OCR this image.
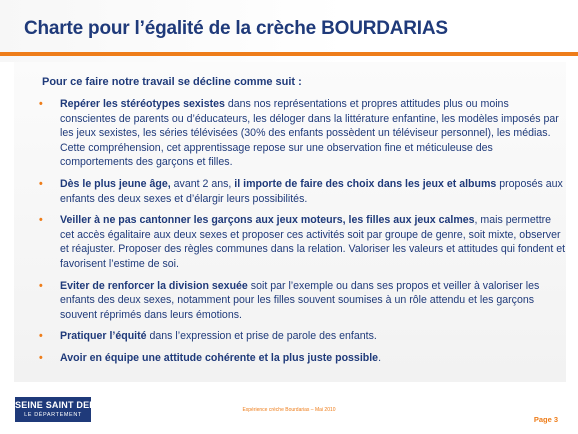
Charte pour l’égalité de la crèche BOURDARIAS
Pour ce faire notre travail se décline comme suit :
• Repérer les stéréotypes sexistes dans nos représentations et propres attitudes plus ou moins conscientes de parents ou d’éducateurs, les déloger dans la littérature enfantine, les modèles imposés par les jeux sexistes, les séries télévisées (30% des enfants possèdent un téléviseur personnel), les médias. Cette compréhension, cet apprentissage repose sur une observation fine et méticuleuse des comportements des garçons et filles.
• Dès le plus jeune âge, avant 2 ans, il importe de faire des choix dans les jeux et albums proposés aux enfants des deux sexes et d’élargir leurs possibilités.
• Veiller à ne pas cantonner les garçons aux jeux moteurs, les filles aux jeux calmes, mais permettre cet accès égalitaire aux deux sexes et proposer ces activités soit par groupe de genre, soit mixte, observer et réajuster. Proposer des règles communes dans la relation. Valoriser les valeurs et attitudes qui fondent et favorisent l’estime de soi.
• Eviter de renforcer la division sexuée soit par l’exemple ou dans ses propos et veiller à valoriser les enfants des deux sexes, notamment pour les filles souvent soumises à un rôle attendu et les garçons souvent réprimés dans leurs émotions.
• Pratiquer l’équité dans l’expression et prise de parole des enfants.
• Avoir en équipe une attitude cohérente et la plus juste possible.
SEINE SAINT DENIS
LE DÉPARTEMENT
Expérience crèche Bourdarias – Mai 2010
Page 3
